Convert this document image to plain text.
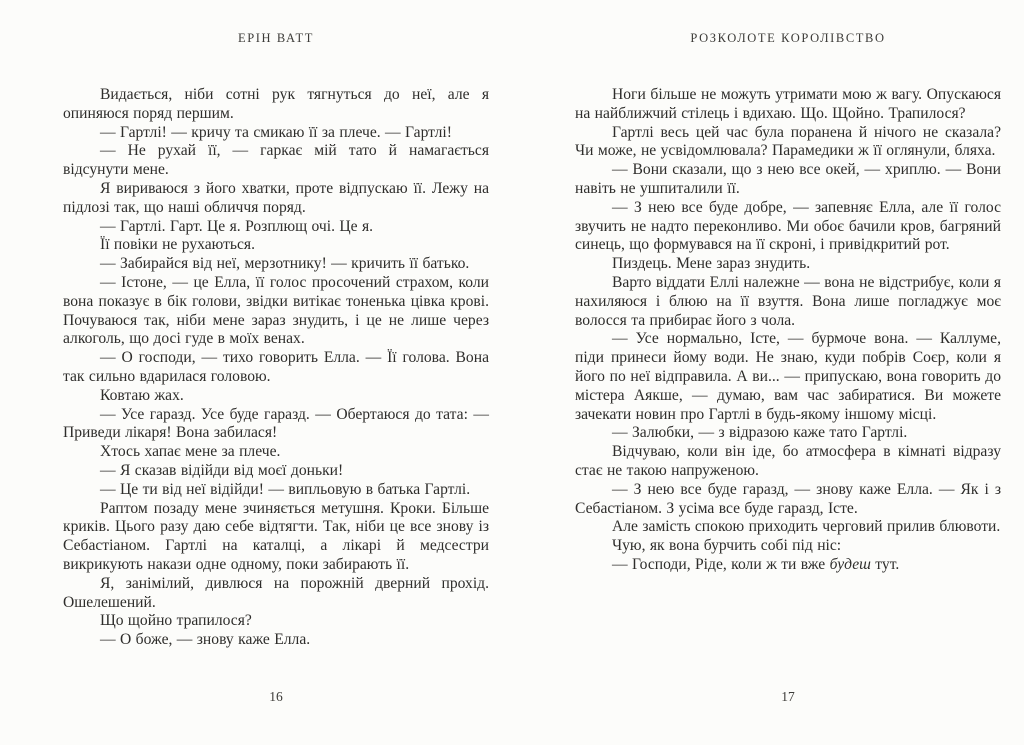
ЕРІН ВАТТ

Видається, ніби сотні рук тягнуться до неї, але я опиняюся поряд першим.

— Гартлі! — кричу та смикаю її за плече. — Гартлі!

— Не рухай її, — гаркає мій тато й намагається відсунути мене.

Я вириваюся з його хватки, проте відпускаю її. Лежу на підлозі так, що наші обличчя поряд.

— Гартлі. Гарт. Це я. Розплющ очі. Це я.

Її повіки не рухаються.

— Забирайся від неї, мерзотнику! — кричить її батько.

— Істоне, — це Елла, її голос просочений страхом, коли вона показує в бік голови, звідки витікає тоненька цівка крові. Почуваюся так, ніби мене зараз знудить, і це не лише через алкоголь, що досі гуде в моїх венах.

— О господи, — тихо говорить Елла. — Її голова. Вона так сильно вдарилася головою.

Ковтаю жах.

— Усе гаразд. Усе буде гаразд. — Обертаюся до тата: — Приведи лікаря! Вона забилася!

Хтось хапає мене за плече.

— Я сказав відійди від моєї доньки!

— Це ти від неї відійди! — випльовую в батька Гартлі.

Раптом позаду мене зчиняється метушня. Кроки. Більше криків. Цього разу даю себе відтягти. Так, ніби це все знову із Себастіаном. Гартлі на каталці, а лікарі й медсестри викрикують накази одне одному, поки забирають її.

Я, занімілий, дивлюся на порожній дверний прохід. Ошелешений.

Що щойно трапилося?

— О боже, — знову каже Елла.

16
РОЗКОЛОТЕ КОРОЛІВСТВО

Ноги більше не можуть утримати мою ж вагу. Опускаюся на найближчий стілець і вдихаю. Що. Щойно. Трапилося?

Гартлі весь цей час була поранена й нічого не сказала? Чи може, не усвідомлювала? Парамедики ж її оглянули, бляха.

— Вони сказали, що з нею все окей, — хриплю. — Вони навіть не ушпиталили її.

— З нею все буде добре, — запевняє Елла, але її голос звучить не надто переконливо. Ми обоє бачили кров, багряний синець, що формувався на її скроні, і привідкритий рот.

Пиздець. Мене зараз знудить.

Варто віддати Еллі належне — вона не відстрибує, коли я нахиляюся і блюю на її взуття. Вона лише погладжує моє волосся та прибирає його з чола.

— Усе нормально, Істе, — бурмоче вона. — Каллуме, піди принеси йому води. Не знаю, куди побрів Соєр, коли я його по неї відправила. А ви... — припускаю, вона говорить до містера Аякше, — думаю, вам час забиратися. Ви можете зачекати новин про Гартлі в будь-якому іншому місці.

— Залюбки, — з відразою каже тато Гартлі.

Відчуваю, коли він іде, бо атмосфера в кімнаті відразу стає не такою напруженою.

— З нею все буде гаразд, — знову каже Елла. — Як і з Себастіаном. З усіма все буде гаразд, Істе.

Але замість спокою приходить черговий прилив блювоти.

Чую, як вона бурчить собі під ніс:

— Господи, Ріде, коли ж ти вже будеш тут.

17
